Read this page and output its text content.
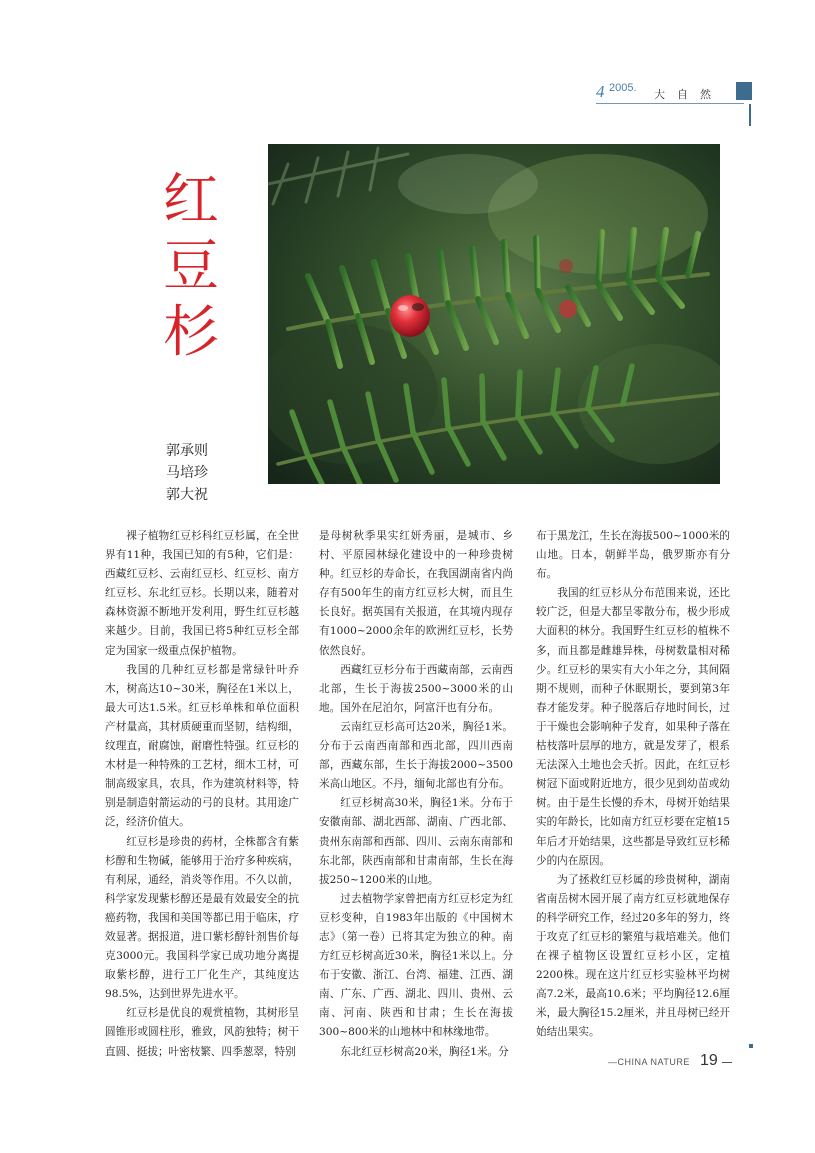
4 2005. 大自然
红
豆
杉
郭承则
马培珍
郭大祝

裸子植物红豆杉科红豆杉属，在全世界有11种，我国已知的有5种，它们是：西藏红豆杉、云南红豆杉、红豆杉、南方红豆杉、东北红豆杉。长期以来，随着对森林资源不断地开发利用，野生红豆杉越来越少。目前，我国已将5种红豆杉全部定为国家一级重点保护植物。

我国的几种红豆杉都是常绿针叶乔木，树高达10~30米，胸径在1米以上，最大可达1.5米。红豆杉单株和单位面积产材量高，其材质硬重而坚韧，结构细，纹理直，耐腐蚀，耐磨性特强。红豆杉的木材是一种特殊的工艺材，细木工材，可制高级家具，农具，作为建筑材料等，特别是制造射箭运动的弓的良材。其用途广泛，经济价值大。

红豆杉是珍贵的药材，全株都含有紫杉醇和生物碱，能够用于治疗多种疾病，有利尿，通经，消炎等作用。不久以前，科学家发现紫杉醇还是最有效最安全的抗癌药物，我国和美国等都已用于临床，疗效显著。据报道，进口紫杉醇针剂售价每克3000元。我国科学家已成功地分离提取紫杉醇，进行工厂化生产，其纯度达98.5%，达到世界先进水平。

红豆杉是优良的观赏植物，其树形呈圆锥形或圆柱形，雅致，风韵独特；树干直圆、挺拔；叶密枝繁、四季葱翠，特别

是母树秋季果实红妍秀丽，是城市、乡村、平原园林绿化建设中的一种珍贵树种。红豆杉的寿命长，在我国湖南省内尚存有500年生的南方红豆杉大树，而且生长良好。据英国有关报道，在其境内现存有1000~2000余年的欧洲红豆杉，长势依然良好。

西藏红豆杉分布于西藏南部，云南西北部，生长于海拔2500~3000米的山地。国外在尼泊尔，阿富汗也有分布。

云南红豆杉高可达20米，胸径1米。分布于云南西南部和西北部，四川西南部，西藏东部，生长于海拔2000~3500米高山地区。不丹，缅甸北部也有分布。

红豆杉树高30米，胸径1米。分布于安徽南部、湖北西部、湖南、广西北部、贵州东南部和西部、四川、云南东南部和东北部，陕西南部和甘肃南部，生长在海拔250~1200米的山地。

过去植物学家曾把南方红豆杉定为红豆杉变种，自1983年出版的《中国树木志》（第一卷）已将其定为独立的种。南方红豆杉树高近30米，胸径1米以上。分布于安徽、浙江、台湾、福建、江西、湖南、广东、广西、湖北、四川、贵州、云南、河南、陕西和甘肃；生长在海拔300~800米的山地林中和林缘地带。

东北红豆杉树高20米，胸径1米。分

布于黑龙江，生长在海拔500~1000米的山地。日本，朝鲜半岛，俄罗斯亦有分布。

我国的红豆杉从分布范围来说，还比较广泛，但是大都呈零散分布，极少形成大面积的林分。我国野生红豆杉的植株不多，而且都是雌雄异株，母树数量相对稀少。红豆杉的果实有大小年之分，其间隔期不规则，而种子休眠期长，要到第3年春才能发芽。种子脱落后存地时间长，过于干燥也会影响种子发育，如果种子落在枯枝落叶层厚的地方，就是发芽了，根系无法深入土地也会夭折。因此，在红豆杉树冠下面或附近地方，很少见到幼苗或幼树。由于是生长慢的乔木，母树开始结果实的年龄长，比如南方红豆杉要在定植15年后才开始结果，这些都是导致红豆杉稀少的内在原因。

为了拯救红豆杉属的珍贵树种，湖南省南岳树木园开展了南方红豆杉就地保存的科学研究工作，经过20多年的努力，终于攻克了红豆杉的繁殖与栽培难关。他们在裸子植物区设置红豆杉小区，定植2200株。现在这片红豆杉实验林平均树高7.2米，最高10.6米；平均胸径12.6厘米，最大胸径15.2厘米，并且母树已经开始结出果实。

—CHINA NATURE 19
